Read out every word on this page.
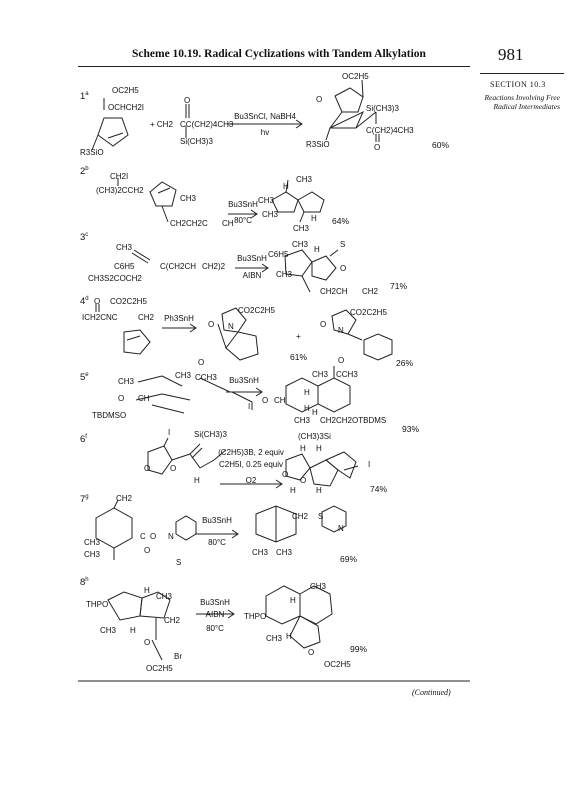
Scheme 10.19. Radical Cyclizations with Tandem Alkylation	981
SECTION 10.3
Reactions Involving Free Radical Intermediates
1$^a$
2$^b$
3$^c$
4$^d$
5e
6$^f$
7$^g$
8$^h$
OC2H5
OCHCH2I
R3SiO
+ CH2 CC(CH2)4CH3
O
Si(CH3)3
Bu3SnCl, NaBH4
hv
OC2H5
O
Si(CH3)3
C(CH2)4CH3
O
R3SiO	60%
CH2I
(CH3)2CCH2
CH3
CH2CH2C CH
Bu3SnH
80°C
CH3
CH3
CH3
H
H
CH3
64%
CH3
C6H5	C(CH2CH CH2)2
CH3S2COCH2
Bu3SnH
AIBN
CH3
C6H5
H
S
O
CH3
CH2CH CH2
71%
O CO2C2H5
ICH2CNC	CH2	Ph3SnH
CO2C2H5
O N
+
CO2C2H5
O
N
61%
26%
CH3
O
CH3 CCH3
O CH
TBDMSO
I
Bu3SnH
CH3
O
CCH3
H
O CH
H
CH3 CH2CH2OTBDMS
H
93%
I	Si(CH3)3
O O
H
(C2H5)3B, 2 equiv
C2H5I, 0.25 equiv
O2
(CH3)3Si
H H
I
O
O
H	H	74%
CH2
CH3
C O N
CH3	O
S
Bu3SnH
80°C
CH2 S
N
CH3 CH3
69%
THPO
H
CH3
CH2
CH3 H
O
Br
OC2H5
Bu3SnH
AIBN
80°C
CH3
H
THPO
CH3 H
O
OC2H5
99%
(Continued)
